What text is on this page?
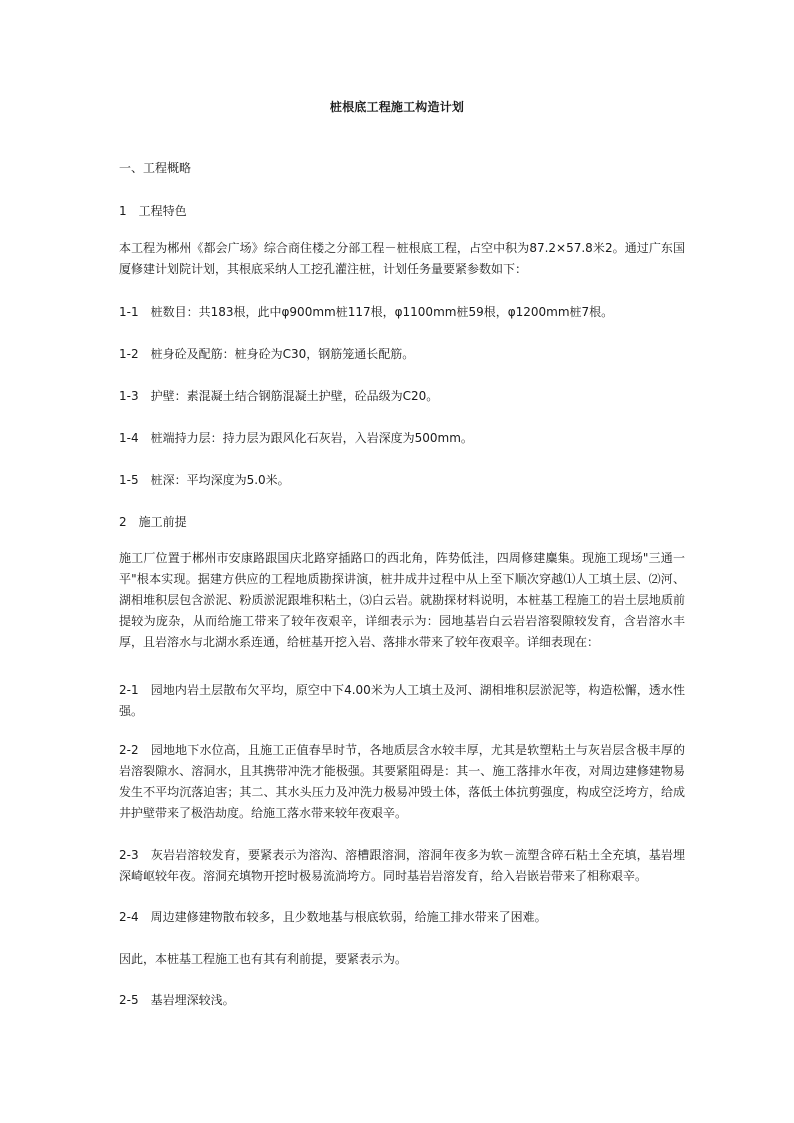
桩根底工程施工构造计划

一、工程概略

1　工程特色

本工程为郴州《都会广场》综合商住楼之分部工程－桩根底工程，占空中积为87.2×57.8米2。通过广东国厦修建计划院计划，其根底采纳人工挖孔灌注桩，计划任务量要紧参数如下：

1-1　桩数目：共183根，此中φ900mm桩117根，φ1100mm桩59根，φ1200mm桩7根。

1-2　桩身砼及配筋：桩身砼为C30，钢筋笼通长配筋。

1-3　护壁：素混凝土结合钢筋混凝土护壁，砼品级为C20。

1-4　桩端持力层：持力层为跟风化石灰岩，入岩深度为500mm。

1-5　桩深：平均深度为5.0米。

2　施工前提

施工厂位置于郴州市安康路跟国庆北路穿插路口的西北角，阵势低洼，四周修建麋集。现施工现场"三通一平"根本实现。据建方供应的工程地质勘探讲演，桩井成井过程中从上至下顺次穿越⑴人工填土层、⑵河、湖相堆积层包含淤泥、粉质淤泥跟堆积粘土，⑶白云岩。就勘探材料说明，本桩基工程施工的岩土层地质前提较为庞杂，从而给施工带来了较年夜艰辛，详细表示为：园地基岩白云岩岩溶裂隙较发育，含岩溶水丰厚，且岩溶水与北湖水系连通，给桩基开挖入岩、落排水带来了较年夜艰辛。详细表现在：

2-1　园地内岩土层散布欠平均，原空中下4.00米为人工填土及河、湖相堆积层淤泥等，构造松懈，透水性强。

2-2　园地地下水位高，且施工正值春旱时节，各地质层含水较丰厚，尤其是软塑粘土与灰岩层含极丰厚的岩溶裂隙水、溶洞水，且其携带冲洗才能极强。其要紧阻碍是：其一、施工落排水年夜，对周边建修建物易发生不平均沉落迫害；其二、其水头压力及冲洗力极易冲毁土体，落低土体抗剪强度，构成空泛垮方，给成井护壁带来了极浩劫度。给施工落水带来较年夜艰辛。

2-3　灰岩岩溶较发育，要紧表示为溶沟、溶槽跟溶洞，溶洞年夜多为软－流塑含碎石粘土全充填，基岩埋深崎岖较年夜。溶洞充填物开挖时极易流淌垮方。同时基岩岩溶发育，给入岩嵌岩带来了相称艰辛。

2-4　周边建修建物散布较多，且少数地基与根底软弱，给施工排水带来了困难。

因此，本桩基工程施工也有其有利前提，要紧表示为。

2-5　基岩埋深较浅。
